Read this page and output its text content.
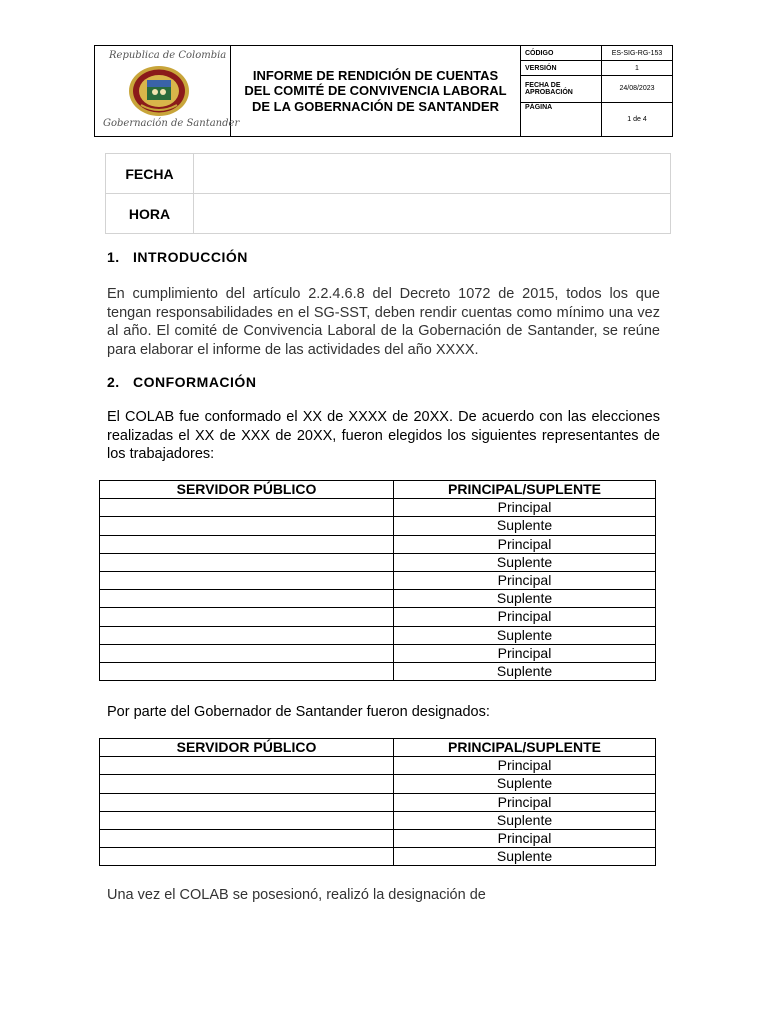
Republica de Colombia
Gobernación de Santander
INFORME DE RENDICIÓN DE CUENTAS DEL COMITÉ DE CONVIVENCIA LABORAL DE LA GOBERNACIÓN DE SANTANDER
CÓDIGO	ES-SIG-RG-153
VERSIÓN	1
FECHA DE APROBACIÓN	24/08/2023
PÁGINA	1 de 4
FECHA	
HORA	
1. INTRODUCCIÓN
En cumplimiento del artículo 2.2.4.6.8 del Decreto 1072 de 2015, todos los que tengan responsabilidades en el SG-SST, deben rendir cuentas como mínimo una vez al año. El comité de Convivencia Laboral de la Gobernación de Santander, se reúne para elaborar el informe de las actividades del año XXXX.
2. CONFORMACIÓN
El COLAB fue conformado el XX de XXXX de 20XX. De acuerdo con las elecciones realizadas el XX de XXX de 20XX, fueron elegidos los siguientes representantes de los trabajadores:
SERVIDOR PÚBLICO	PRINCIPAL/SUPLENTE
	Principal
	Suplente
	Principal
	Suplente
	Principal
	Suplente
	Principal
	Suplente
	Principal
	Suplente
Por parte del Gobernador de Santander fueron designados:
SERVIDOR PÚBLICO	PRINCIPAL/SUPLENTE
	Principal
	Suplente
	Principal
	Suplente
	Principal
	Suplente
Una vez el COLAB se posesionó, realizó la designación de
